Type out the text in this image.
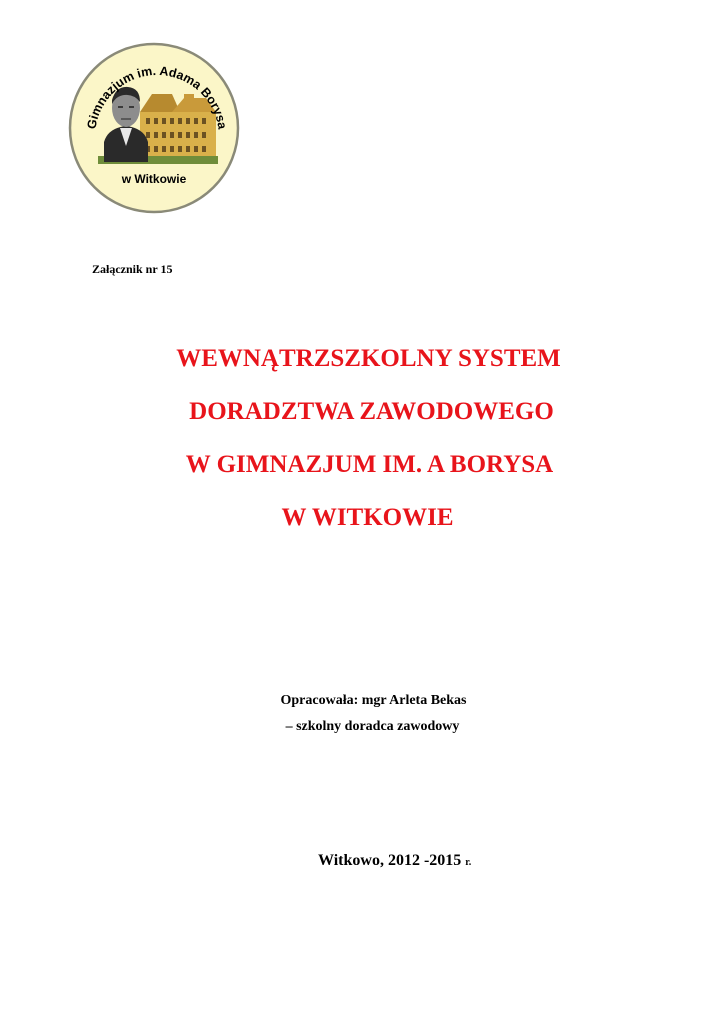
Gimnazjum im. Adama Borysa
w Witkowie
Załącznik nr 15
WEWNĄTRZSZKOLNY SYSTEM
DORADZTWA ZAWODOWEGO
W GIMNAZJUM IM. A BORYSA
W WITKOWIE
Opracowała: mgr Arleta Bekas
– szkolny doradca zawodowy
Witkowo, 2012 -2015 r.
